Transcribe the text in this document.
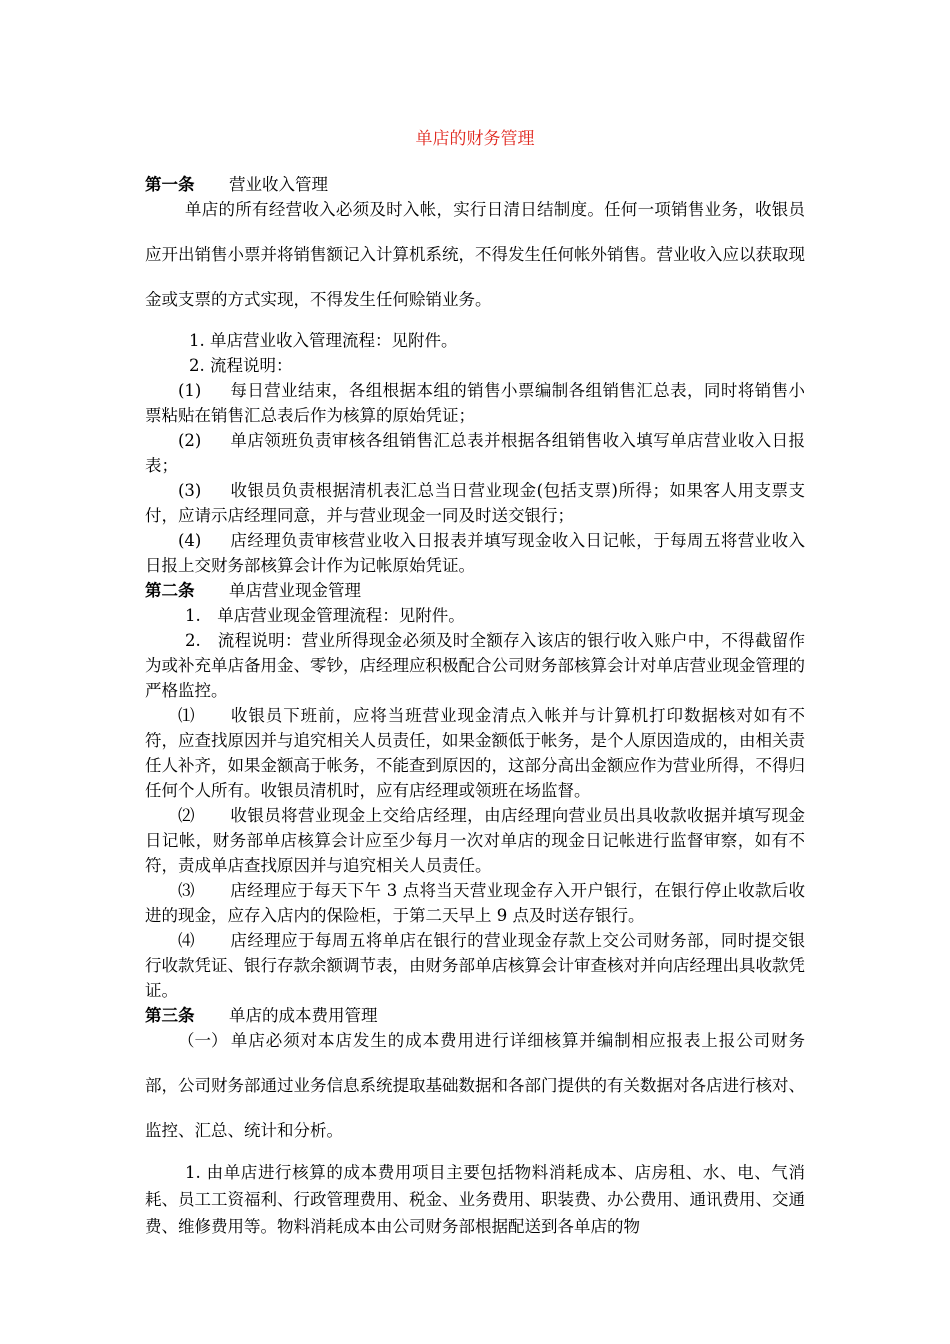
单店的财务管理

第一条 营业收入管理

单店的所有经营收入必须及时入帐，实行日清日结制度。任何一项销售业务，收银员应开出销售小票并将销售额记入计算机系统，不得发生任何帐外销售。营业收入应以获取现金或支票的方式实现，不得发生任何赊销业务。

1. 单店营业收入管理流程：见附件。

2. 流程说明：

(1) 每日营业结束，各组根据本组的销售小票编制各组销售汇总表，同时将销售小票粘贴在销售汇总表后作为核算的原始凭证；

(2) 单店领班负责审核各组销售汇总表并根据各组销售收入填写单店营业收入日报表；

(3) 收银员负责根据清机表汇总当日营业现金(包括支票)所得；如果客人用支票支付，应请示店经理同意，并与营业现金一同及时送交银行；

(4) 店经理负责审核营业收入日报表并填写现金收入日记帐，于每周五将营业收入日报上交财务部核算会计作为记帐原始凭证。

第二条 单店营业现金管理

1.　单店营业现金管理流程：见附件。

2.　流程说明：营业所得现金必须及时全额存入该店的银行收入账户中，不得截留作为或补充单店备用金、零钞，店经理应积极配合公司财务部核算会计对单店营业现金管理的严格监控。

⑴ 收银员下班前，应将当班营业现金清点入帐并与计算机打印数据核对如有不符，应查找原因并与追究相关人员责任，如果金额低于帐务，是个人原因造成的，由相关责任人补齐，如果金额高于帐务，不能查到原因的，这部分高出金额应作为营业所得，不得归任何个人所有。收银员清机时，应有店经理或领班在场监督。

⑵ 收银员将营业现金上交给店经理，由店经理向营业员出具收款收据并填写现金日记帐，财务部单店核算会计应至少每月一次对单店的现金日记帐进行监督审察，如有不符，责成单店查找原因并与追究相关人员责任。

⑶ 店经理应于每天下午 3 点将当天营业现金存入开户银行，在银行停止收款后收进的现金，应存入店内的保险柜，于第二天早上 9 点及时送存银行。

⑷ 店经理应于每周五将单店在银行的营业现金存款上交公司财务部，同时提交银行收款凭证、银行存款余额调节表，由财务部单店核算会计审查核对并向店经理出具收款凭证。

第三条 单店的成本费用管理

（一） 单店必须对本店发生的成本费用进行详细核算并编制相应报表上报公司财务部，公司财务部通过业务信息系统提取基础数据和各部门提供的有关数据对各店进行核对、监控、汇总、统计和分析。

1. 由单店进行核算的成本费用项目主要包括物料消耗成本、店房租、水、电、气消耗、员工工资福利、行政管理费用、税金、业务费用、职装费、办公费用、通讯费用、交通费、维修费用等。物料消耗成本由公司财务部根据配送到各单店的物
